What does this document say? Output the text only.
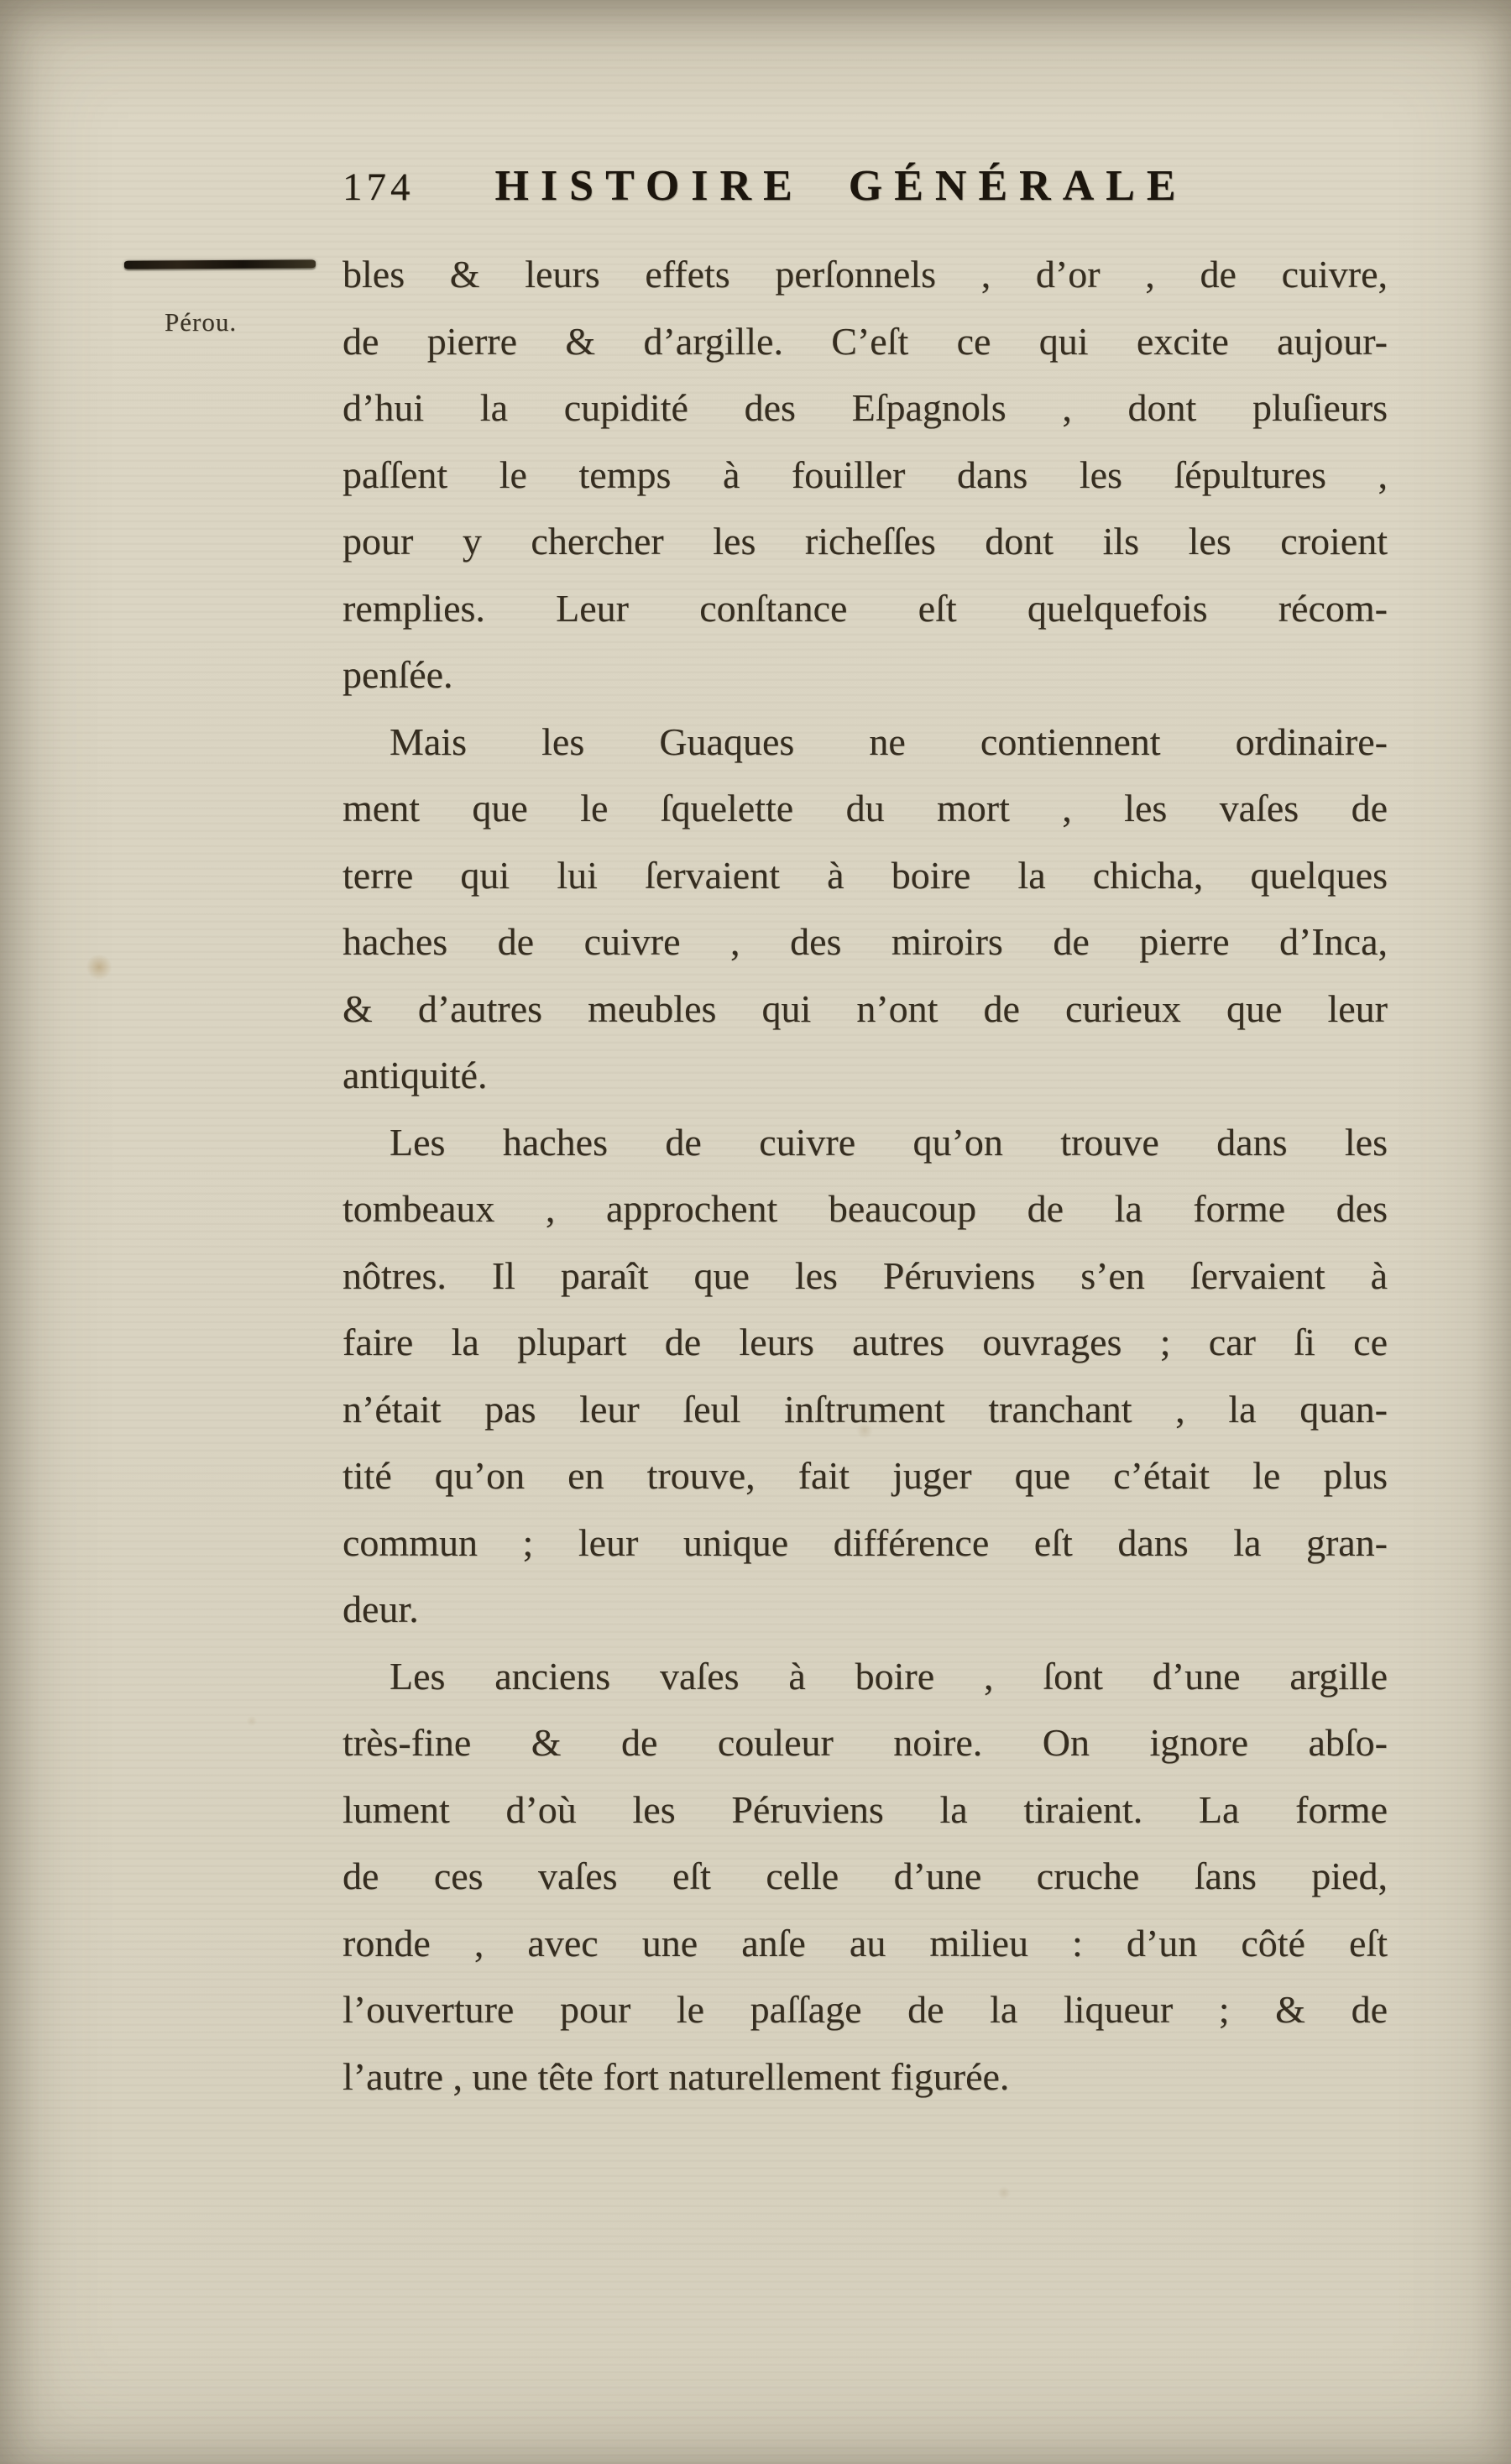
Pérou.
174 HISTOIRE GÉNÉRALE
bles & leurs effets perſonnels , d’or , de cuivre,
de pierre & d’argille. C’eſt ce qui excite aujour-
d’hui la cupidité des Eſpagnols , dont pluſieurs
paſſent le temps à fouiller dans les ſépultures ,
pour y chercher les richeſſes dont ils les croient
remplies. Leur conſtance eſt quelquefois récom-
penſée.
Mais les Guaques ne contiennent ordinaire-
ment que le ſquelette du mort , les vaſes de
terre qui lui ſervaient à boire la chicha, quelques
haches de cuivre , des miroirs de pierre d’Inca,
& d’autres meubles qui n’ont de curieux que leur
antiquité.
Les haches de cuivre qu’on trouve dans les
tombeaux , approchent beaucoup de la forme des
nôtres. Il paraît que les Péruviens s’en ſervaient à
faire la plupart de leurs autres ouvrages ; car ſi ce
n’était pas leur ſeul inſtrument tranchant , la quan-
tité qu’on en trouve, fait juger que c’était le plus
commun ; leur unique différence eſt dans la gran-
deur.
Les anciens vaſes à boire , ſont d’une argille
très-fine & de couleur noire. On ignore abſo-
lument d’où les Péruviens la tiraient. La forme
de ces vaſes eſt celle d’une cruche ſans pied,
ronde , avec une anſe au milieu : d’un côté eſt
l’ouverture pour le paſſage de la liqueur ; & de
l’autre , une tête fort naturellement figurée.
